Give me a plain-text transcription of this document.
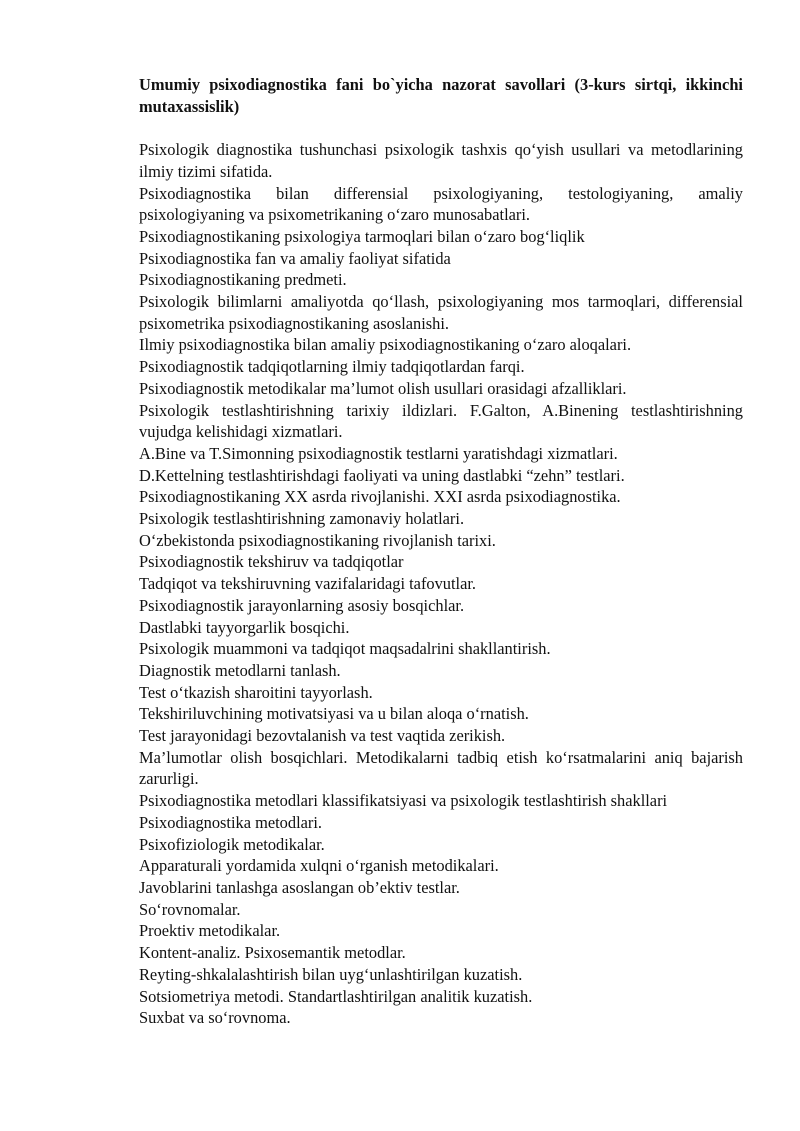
Umumiy psixodiagnostika fani bo`yicha nazorat savollari (3-kurs sirtqi, ikkinchi mutaxassislik)

Psixologik diagnostika tushunchasi psixologik tashxis qo‘yish usullari va metodlarining ilmiy tizimi sifatida.

Psixodiagnostika bilan differensial psixologiyaning, testologiyaning, amaliy psixologiyaning va psixometrikaning o‘zaro munosabatlari.

Psixodiagnostikaning psixologiya tarmoqlari bilan o‘zaro bog‘liqlik

Psixodiagnostika fan va amaliy faoliyat sifatida

Psixodiagnostikaning predmeti.

Psixologik bilimlarni amaliyotda qo‘llash, psixologiyaning mos tarmoqlari, differensial psixometrika psixodiagnostikaning asoslanishi.

Ilmiy psixodiagnostika bilan amaliy psixodiagnostikaning o‘zaro aloqalari.

Psixodiagnostik tadqiqotlarning ilmiy tadqiqotlardan farqi.

Psixodiagnostik metodikalar ma’lumot olish usullari orasidagi afzalliklari.

Psixologik testlashtirishning tarixiy ildizlari. F.Galton, A.Binening testlashtirishning vujudga kelishidagi xizmatlari.

A.Bine va T.Simonning psixodiagnostik testlarni yaratishdagi xizmatlari.

D.Kettelning testlashtirishdagi faoliyati va uning dastlabki “zehn” testlari.

Psixodiagnostikaning XX asrda rivojlanishi. XXI asrda psixodiagnostika.

Psixologik testlashtirishning zamonaviy holatlari.

O‘zbekistonda psixodiagnostikaning rivojlanish tarixi.

Psixodiagnostik tekshiruv va tadqiqotlar

Tadqiqot va tekshiruvning vazifalaridagi tafovutlar.

Psixodiagnostik jarayonlarning asosiy bosqichlar.

Dastlabki tayyorgarlik bosqichi.

Psixologik muammoni va tadqiqot maqsadalrini shakllantirish.

Diagnostik metodlarni tanlash.

Test o‘tkazish sharoitini tayyorlash.

Tekshiriluvchining motivatsiyasi va u bilan aloqa o‘rnatish.

Test jarayonidagi bezovtalanish va test vaqtida zerikish.

Ma’lumotlar olish bosqichlari. Metodikalarni tadbiq etish ko‘rsatmalarini aniq bajarish zarurligi.

Psixodiagnostika metodlari klassifikatsiyasi va psixologik testlashtirish shakllari

Psixodiagnostika metodlari.

Psixofiziologik metodikalar.

Apparaturali yordamida xulqni o‘rganish metodikalari.

Javoblarini tanlashga asoslangan ob’ektiv testlar.

So‘rovnomalar.

Proektiv metodikalar.

Kontent-analiz. Psixosemantik metodlar.

Reyting-shkalalashtirish bilan uyg‘unlashtirilgan kuzatish.

Sotsiometriya metodi. Standartlashtirilgan analitik kuzatish.

Suxbat va so‘rovnoma.
